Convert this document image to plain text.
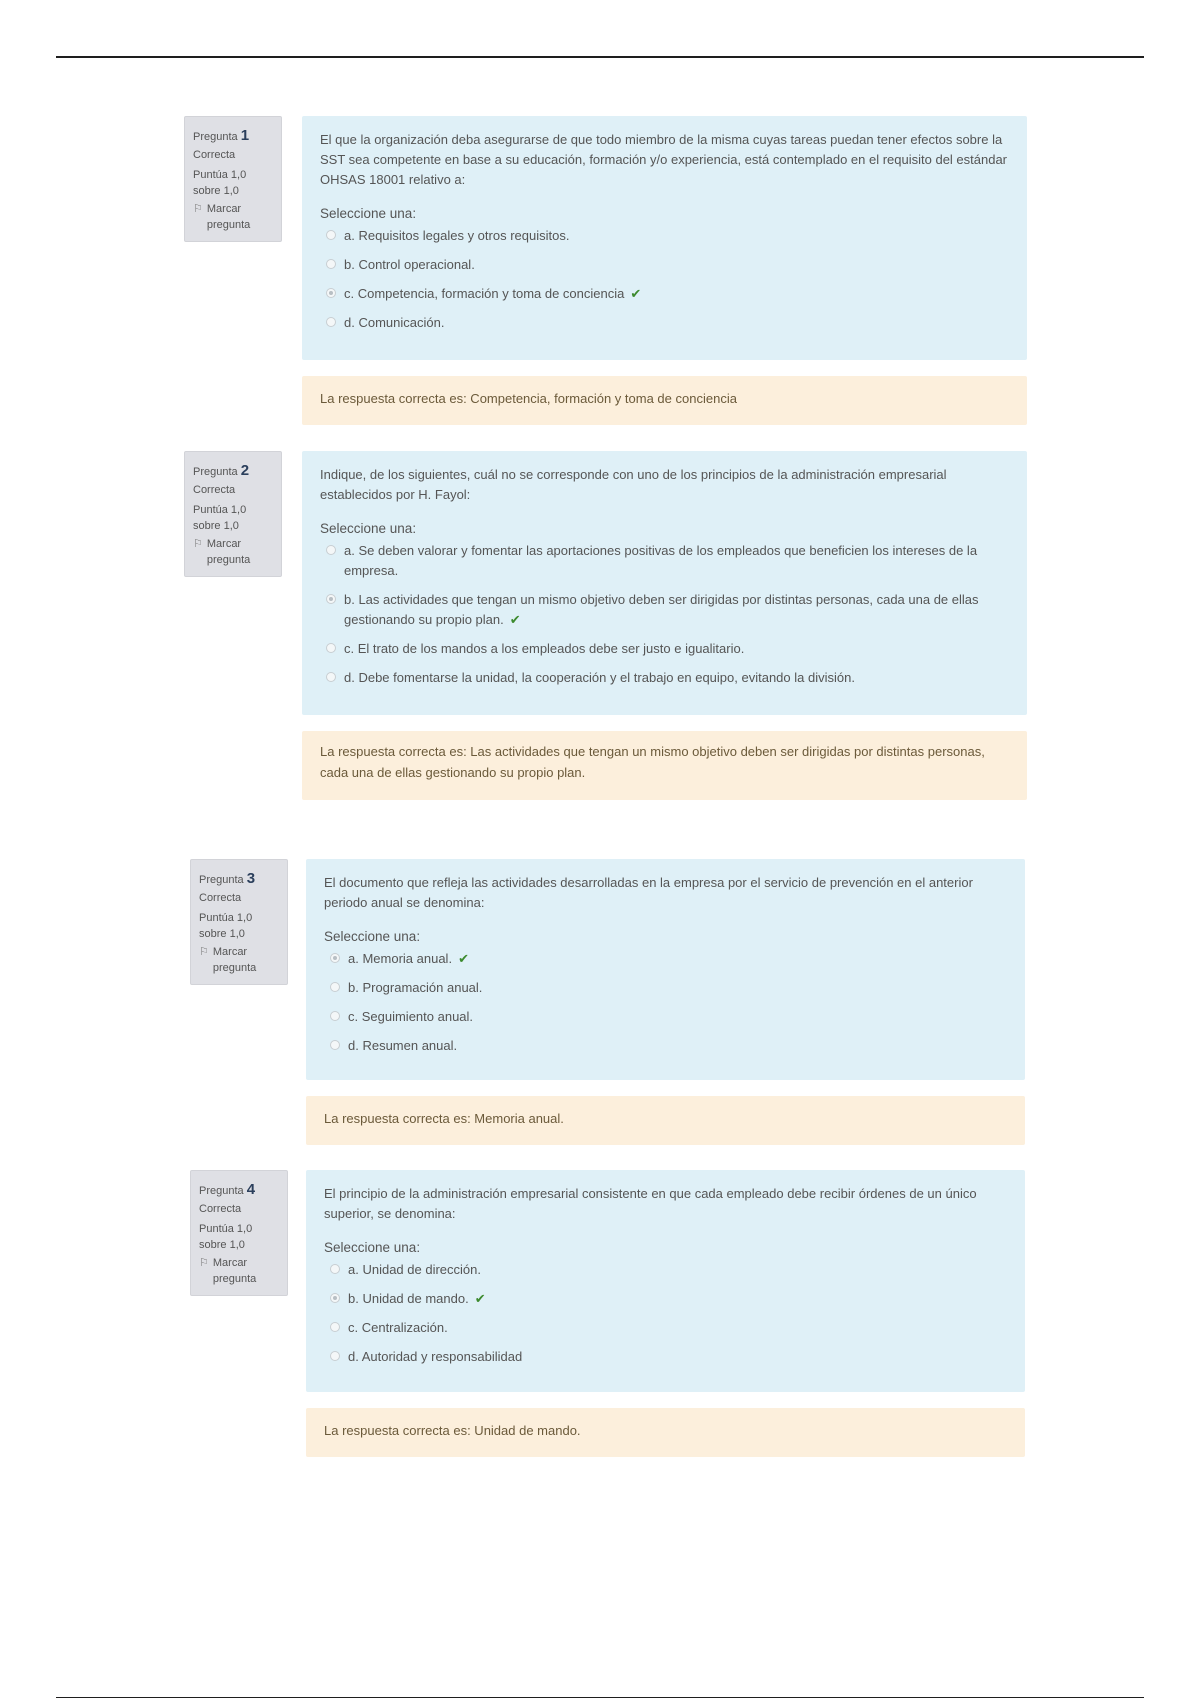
Pregunta 1
Correcta
Puntúa 1,0 sobre 1,0
⚐ Marcar pregunta
El que la organización deba asegurarse de que todo miembro de la misma cuyas tareas puedan tener efectos sobre la SST sea competente en base a su educación, formación y/o experiencia, está contemplado en el requisito del estándar OHSAS 18001 relativo a:
Seleccione una:
a. Requisitos legales y otros requisitos.
b. Control operacional.
c. Competencia, formación y toma de conciencia ✔
d. Comunicación.
La respuesta correcta es: Competencia, formación y toma de conciencia
Pregunta 2
Correcta
Puntúa 1,0 sobre 1,0
⚐ Marcar pregunta
Indique, de los siguientes, cuál no se corresponde con uno de los principios de la administración empresarial establecidos por H. Fayol:
Seleccione una:
a. Se deben valorar y fomentar las aportaciones positivas de los empleados que beneficien los intereses de la empresa.
b. Las actividades que tengan un mismo objetivo deben ser dirigidas por distintas personas, cada una de ellas gestionando su propio plan. ✔
c. El trato de los mandos a los empleados debe ser justo e igualitario.
d. Debe fomentarse la unidad, la cooperación y el trabajo en equipo, evitando la división.
La respuesta correcta es: Las actividades que tengan un mismo objetivo deben ser dirigidas por distintas personas, cada una de ellas gestionando su propio plan.
Pregunta 3
Correcta
Puntúa 1,0 sobre 1,0
⚐ Marcar pregunta
El documento que refleja las actividades desarrolladas en la empresa por el servicio de prevención en el anterior periodo anual se denomina:
Seleccione una:
a. Memoria anual. ✔
b. Programación anual.
c. Seguimiento anual.
d. Resumen anual.
La respuesta correcta es: Memoria anual.
Pregunta 4
Correcta
Puntúa 1,0 sobre 1,0
⚐ Marcar pregunta
El principio de la administración empresarial consistente en que cada empleado debe recibir órdenes de un único superior, se denomina:
Seleccione una:
a. Unidad de dirección.
b. Unidad de mando. ✔
c. Centralización.
d. Autoridad y responsabilidad
La respuesta correcta es: Unidad de mando.
